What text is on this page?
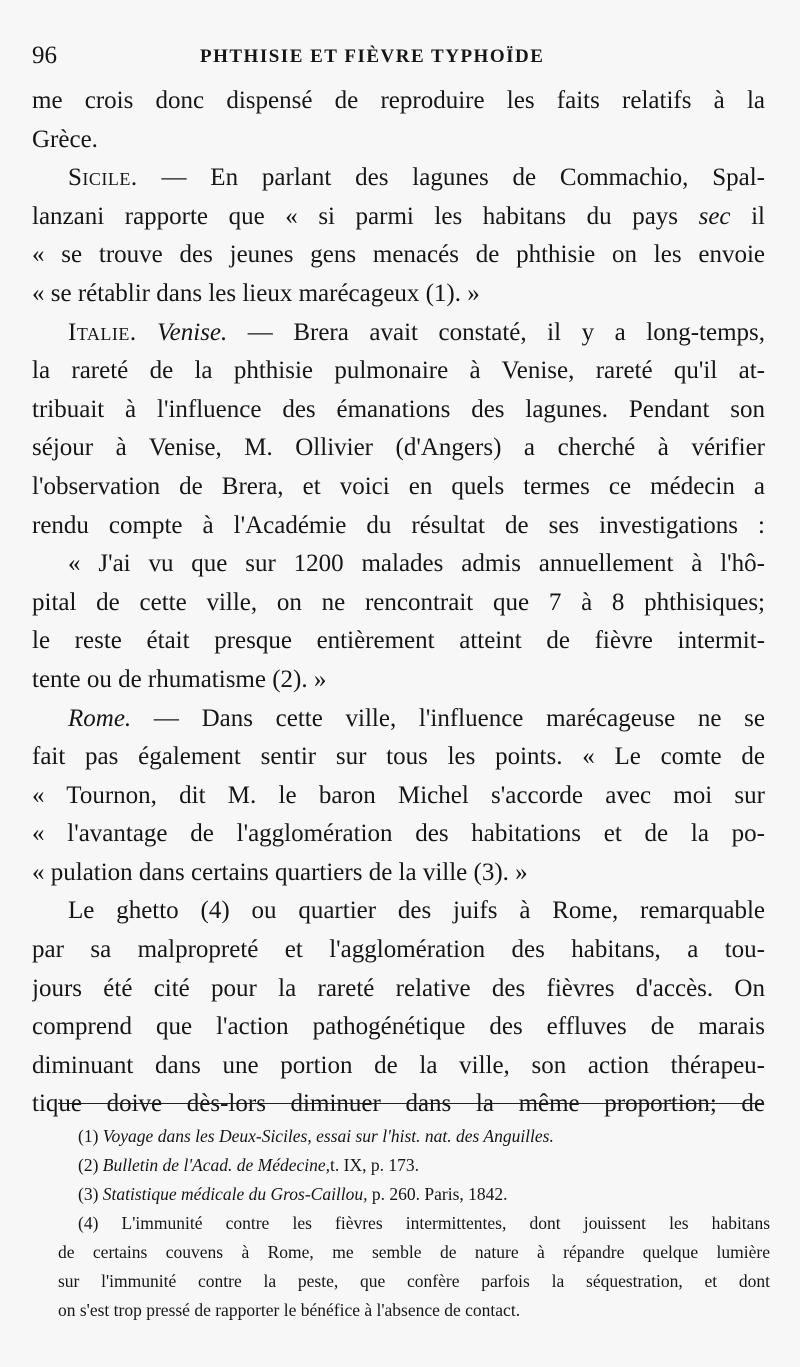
96	PHTHISIE ET FIÈVRE TYPHOÏDE
me crois donc dispensé de reproduire les faits relatifs à la
Grèce.
Sicile. — En parlant des lagunes de Commachio, Spal-
lanzani rapporte que « si parmi les habitans du pays sec il
« se trouve des jeunes gens menacés de phthisie on les envoie
« se rétablir dans les lieux marécageux (1). »
Italie. Venise. — Brera avait constaté, il y a long-temps,
la rareté de la phthisie pulmonaire à Venise, rareté qu'il at-
tribuait à l'influence des émanations des lagunes. Pendant son
séjour à Venise, M. Ollivier (d'Angers) a cherché à vérifier
l'observation de Brera, et voici en quels termes ce médecin a
rendu compte à l'Académie du résultat de ses investigations :
« J'ai vu que sur 1200 malades admis annuellement à l'hô-
pital de cette ville, on ne rencontrait que 7 à 8 phthisiques;
le reste était presque entièrement atteint de fièvre intermit-
tente ou de rhumatisme (2). »
Rome. — Dans cette ville, l'influence marécageuse ne se
fait pas également sentir sur tous les points. « Le comte de
« Tournon, dit M. le baron Michel s'accorde avec moi sur
« l'avantage de l'agglomération des habitations et de la po-
« pulation dans certains quartiers de la ville (3). »
Le ghetto (4) ou quartier des juifs à Rome, remarquable
par sa malpropreté et l'agglomération des habitans, a tou-
jours été cité pour la rareté relative des fièvres d'accès. On
comprend que l'action pathogénétique des effluves de marais
diminuant dans une portion de la ville, son action thérapeu-
tique doive dès-lors diminuer dans la même proportion; de
(1) Voyage dans les Deux-Siciles, essai sur l'hist. nat. des Anguilles.
(2) Bulletin de l'Acad. de Médecine,t. IX, p. 173.
(3) Statistique médicale du Gros-Caillou, p. 260. Paris, 1842.
(4) L'immunité contre les fièvres intermittentes, dont jouissent les habitans
de certains couvens à Rome, me semble de nature à répandre quelque lumière
sur l'immunité contre la peste, que confère parfois la séquestration, et dont
on s'est trop pressé de rapporter le bénéfice à l'absence de contact.
